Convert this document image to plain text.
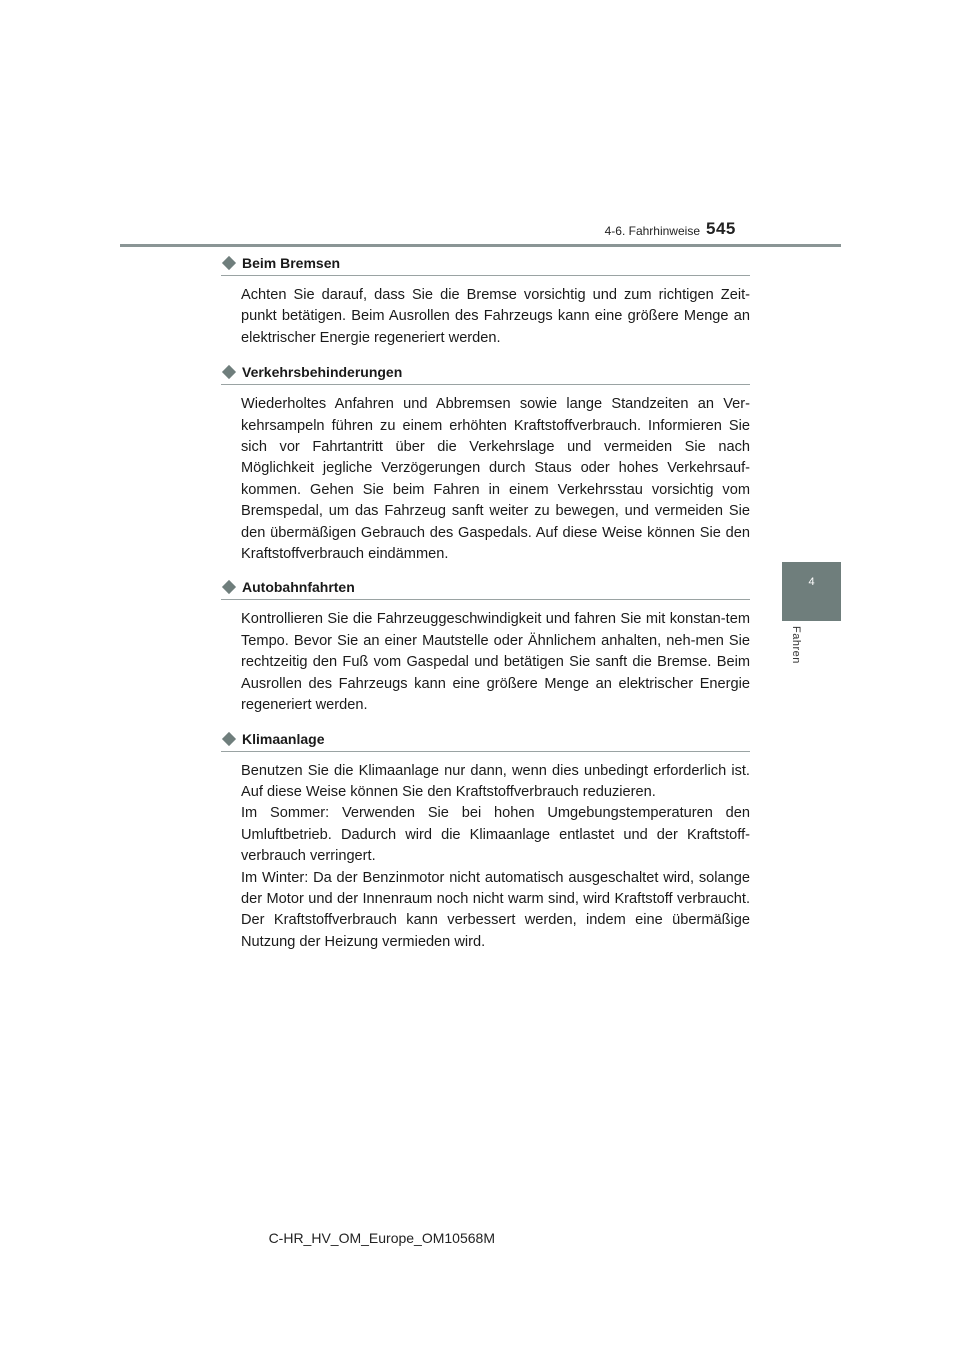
4-6. Fahrhinweise 545
4
Fahren
Beim Bremsen

Achten Sie darauf, dass Sie die Bremse vorsichtig und zum richtigen Zeit-punkt betätigen. Beim Ausrollen des Fahrzeugs kann eine größere Menge an elektrischer Energie regeneriert werden.

Verkehrsbehinderungen

Wiederholtes Anfahren und Abbremsen sowie lange Standzeiten an Ver-kehrsampeln führen zu einem erhöhten Kraftstoffverbrauch. Informieren Sie sich vor Fahrtantritt über die Verkehrslage und vermeiden Sie nach Möglichkeit jegliche Verzögerungen durch Staus oder hohes Verkehrsauf-kommen. Gehen Sie beim Fahren in einem Verkehrsstau vorsichtig vom Bremspedal, um das Fahrzeug sanft weiter zu bewegen, und vermeiden Sie den übermäßigen Gebrauch des Gaspedals. Auf diese Weise können Sie den Kraftstoffverbrauch eindämmen.

Autobahnfahrten

Kontrollieren Sie die Fahrzeuggeschwindigkeit und fahren Sie mit konstan-tem Tempo. Bevor Sie an einer Mautstelle oder Ähnlichem anhalten, neh-men Sie rechtzeitig den Fuß vom Gaspedal und betätigen Sie sanft die Bremse. Beim Ausrollen des Fahrzeugs kann eine größere Menge an elektrischer Energie regeneriert werden.

Klimaanlage

Benutzen Sie die Klimaanlage nur dann, wenn dies unbedingt erforderlich ist. Auf diese Weise können Sie den Kraftstoffverbrauch reduzieren.

Im Sommer: Verwenden Sie bei hohen Umgebungstemperaturen den Umluftbetrieb. Dadurch wird die Klimaanlage entlastet und der Kraftstoff-verbrauch verringert.

Im Winter: Da der Benzinmotor nicht automatisch ausgeschaltet wird, solange der Motor und der Innenraum noch nicht warm sind, wird Kraftstoff verbraucht. Der Kraftstoffverbrauch kann verbessert werden, indem eine übermäßige Nutzung der Heizung vermieden wird.

C-HR_HV_OM_Europe_OM10568M
